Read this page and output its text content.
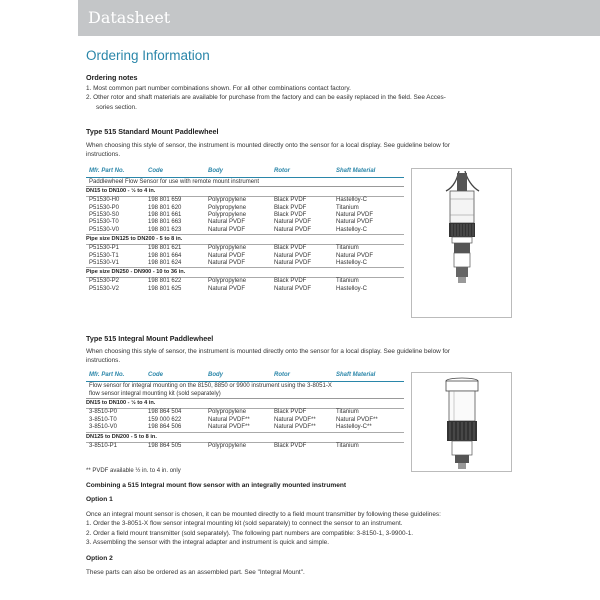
Datasheet
Ordering Information
Ordering notes
1. Most common part number combinations shown. For all other combinations contact factory.
2. Other rotor and shaft materials are available for purchase from the factory and can be easily replaced in the field. See Acces-
sories section.
Type 515 Standard Mount Paddlewheel
When choosing this style of sensor, the instrument is mounted directly onto the sensor for a local display. See guideline below for
instructions.
Mfr. Part No.	Code	Body	Rotor	Shaft Material
Paddlewheel Flow Sensor for use with remote mount instrument
DN15 to DN100 - ½ to 4 in.
P51530-H0	198 801 659	Polypropylene	Black PVDF	Hastelloy-C
P51530-P0	198 801 620	Polypropylene	Black PVDF	Titanium
P51530-S0	198 801 661	Polypropylene	Black PVDF	Natural PVDF
P51530-T0	198 801 663	Natural PVDF	Natural PVDF	Natural PVDF
P51530-V0	198 801 623	Natural PVDF	Natural PVDF	Hastelloy-C
Pipe size DN125 to DN200 - 5 to 8 in.
P51530-P1	198 801 621	Polypropylene	Black PVDF	Titanium
P51530-T1	198 801 664	Natural PVDF	Natural PVDF	Natural PVDF
P51530-V1	198 801 624	Natural PVDF	Natural PVDF	Hastelloy-C
Pipe size DN250 - DN900 - 10 to 36 in.
P51530-P2	198 801 622	Polypropylene	Black PVDF	Titanium
P51530-V2	198 801 625	Natural PVDF	Natural PVDF	Hastelloy-C
Type 515 Integral Mount Paddlewheel
When choosing this style of sensor, the instrument is mounted directly onto the sensor for a local display. See guideline below for
instructions.
Mfr. Part No.	Code	Body	Rotor	Shaft Material
Flow sensor for integral mounting on the 8150, 8850 or 9900 instrument using the 3-8051-X
flow sensor integral mounting kit (sold separately)
DN15 to DN100 - ½ to 4 in.
3-8510-P0	198 864 504	Polypropylene	Black PVDF	Titanium
3-8510-T0	159 000 622	Natural PVDF**	Natural PVDF**	Natural PVDF**
3-8510-V0	198 864 506	Natural PVDF**	Natural PVDF**	Hastelloy-C**
DN125 to DN200 - 5 to 8 in.
3-8510-P1	198 864 505	Polypropylene	Black PVDF	Titanium
** PVDF available ½ in. to 4 in. only
Combining a 515 Integral mount flow sensor with an integrally mounted instrument
Option 1
Once an integral mount sensor is chosen, it can be mounted directly to a field mount transmitter by following these guidelines:
1. Order the 3-8051-X flow sensor integral mounting kit (sold separately) to connect the sensor to an instrument.
2. Order a field mount transmitter (sold separately). The following part numbers are compatible: 3-8150-1, 3-9900-1.
3. Assembling the sensor with the integral adapter and instrument is quick and simple.
Option 2
These parts can also be ordered as an assembled part. See "Integral Mount".
